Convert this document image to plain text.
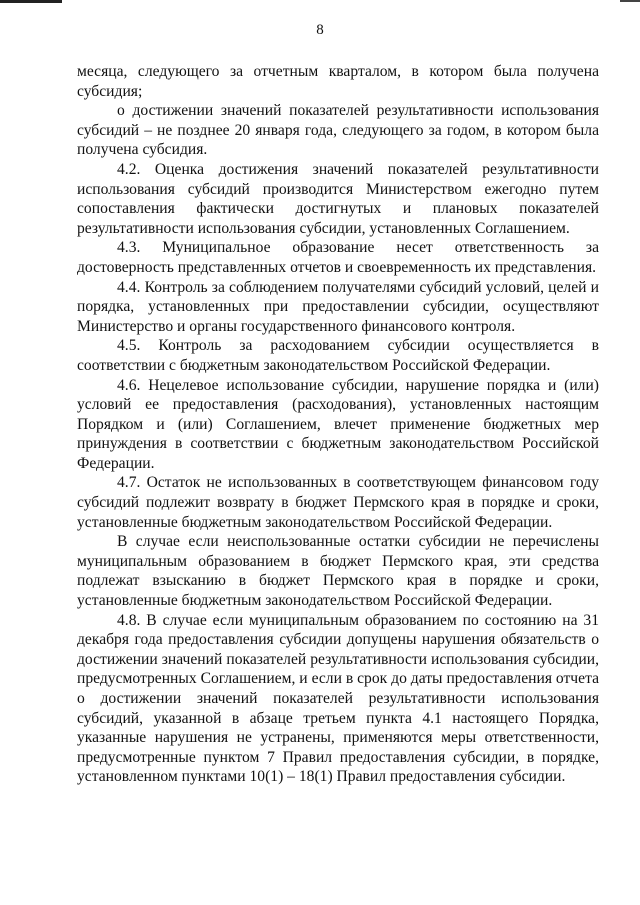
8

месяца, следующего за отчетным кварталом, в котором была получена субсидия;

о достижении значений показателей результативности использования субсидий – не позднее 20 января года, следующего за годом, в котором была получена субсидия.

4.2. Оценка достижения значений показателей результативности использования субсидий производится Министерством ежегодно путем сопоставления фактически достигнутых и плановых показателей результативности использования субсидии, установленных Соглашением.

4.3. Муниципальное образование несет ответственность за достоверность представленных отчетов и своевременность их представления.

4.4. Контроль за соблюдением получателями субсидий условий, целей и порядка, установленных при предоставлении субсидии, осуществляют Министерство и органы государственного финансового контроля.

4.5. Контроль за расходованием субсидии осуществляется в соответствии с бюджетным законодательством Российской Федерации.

4.6. Нецелевое использование субсидии, нарушение порядка и (или) условий ее предоставления (расходования), установленных настоящим Порядком и (или) Соглашением, влечет применение бюджетных мер принуждения в соответствии с бюджетным законодательством Российской Федерации.

4.7. Остаток не использованных в соответствующем финансовом году субсидий подлежит возврату в бюджет Пермского края в порядке и сроки, установленные бюджетным законодательством Российской Федерации.

В случае если неиспользованные остатки субсидии не перечислены муниципальным образованием в бюджет Пермского края, эти средства подлежат взысканию в бюджет Пермского края в порядке и сроки, установленные бюджетным законодательством Российской Федерации.

4.8. В случае если муниципальным образованием по состоянию на 31 декабря года предоставления субсидии допущены нарушения обязательств о достижении значений показателей результативности использования субсидии, предусмотренных Соглашением, и если в срок до даты предоставления отчета о достижении значений показателей результативности использования субсидий, указанной в абзаце третьем пункта 4.1 настоящего Порядка, указанные нарушения не устранены, применяются меры ответственности, предусмотренные пунктом 7 Правил предоставления субсидии, в порядке, установленном пунктами 10(1) – 18(1) Правил предоставления субсидии.
